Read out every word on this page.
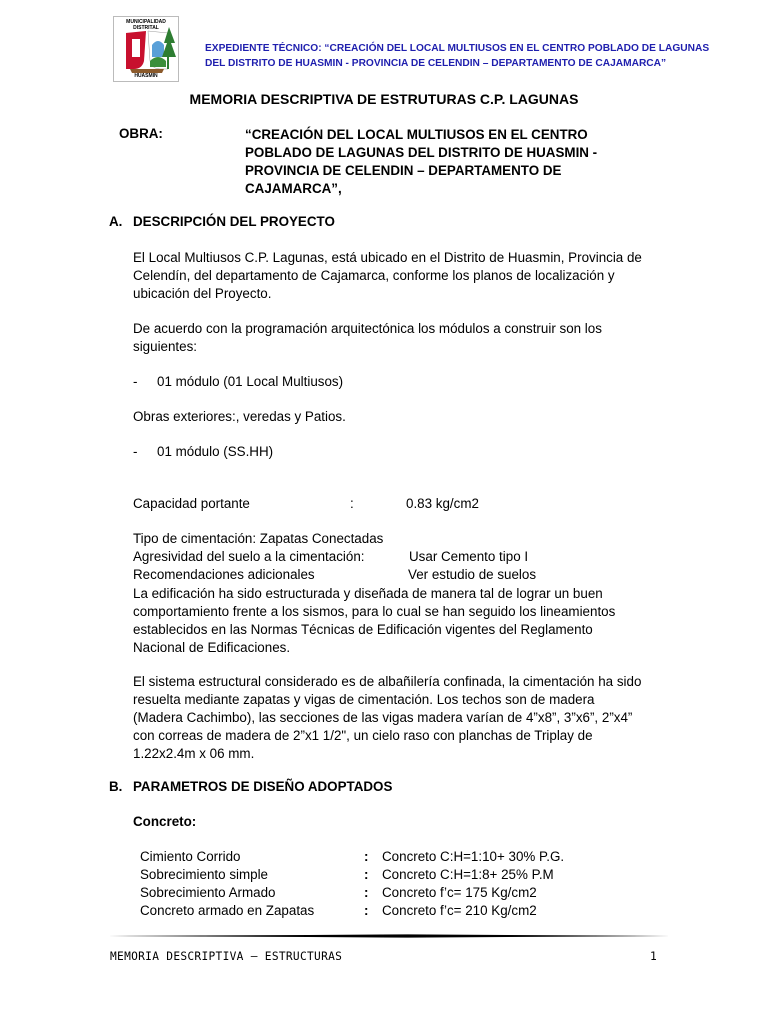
MUNICIPALIDAD DISTRITAL
HUASMIN
EXPEDIENTE TÉCNICO: “CREACIÓN DEL LOCAL MULTIUSOS EN EL CENTRO POBLADO DE LAGUNAS
DEL DISTRITO DE HUASMIN - PROVINCIA DE CELENDIN – DEPARTAMENTO DE CAJAMARCA”
MEMORIA DESCRIPTIVA DE ESTRUTURAS C.P. LAGUNAS
OBRA:	“CREACIÓN DEL LOCAL MULTIUSOS EN EL CENTRO
POBLADO DE LAGUNAS DEL DISTRITO DE HUASMIN -
PROVINCIA DE CELENDIN – DEPARTAMENTO DE
CAJAMARCA”,
A. DESCRIPCIÓN DEL PROYECTO
El Local Multiusos C.P. Lagunas, está ubicado en el Distrito de Huasmin, Provincia de
Celendín, del departamento de Cajamarca, conforme los planos de localización y
ubicación del Proyecto.
De acuerdo con la programación arquitectónica los módulos a construir son los
siguientes:
- 01 módulo (01 Local Multiusos)
Obras exteriores:, veredas y Patios.
- 01 módulo (SS.HH)
Capacidad portante	:	0.83 kg/cm2
Tipo de cimentación: Zapatas Conectadas
Agresividad del suelo a la cimentación:	Usar Cemento tipo I
Recomendaciones adicionales	Ver estudio de suelos
La edificación ha sido estructurada y diseñada de manera tal de lograr un buen
comportamiento frente a los sismos, para lo cual se han seguido los lineamientos
establecidos en las Normas Técnicas de Edificación vigentes del Reglamento
Nacional de Edificaciones.
El sistema estructural considerado es de albañilería confinada, la cimentación ha sido
resuelta mediante zapatas y vigas de cimentación. Los techos son de madera
(Madera Cachimbo), las secciones de las vigas madera varían de 4”x8”, 3”x6”, 2”x4”
con correas de madera de 2”x1 1/2", un cielo raso con planchas de Triplay de
1.22x2.4m x 06 mm.
B. PARAMETROS DE DISEÑO ADOPTADOS
Concreto:
Cimiento Corrido	: Concreto C:H=1:10+ 30% P.G.
Sobrecimiento simple	: Concreto C:H=1:8+ 25% P.M
Sobrecimiento Armado	: Concreto f’c= 175 Kg/cm2
Concreto armado en Zapatas	: Concreto f’c= 210 Kg/cm2
MEMORIA DESCRIPTIVA – ESTRUCTURAS	1
